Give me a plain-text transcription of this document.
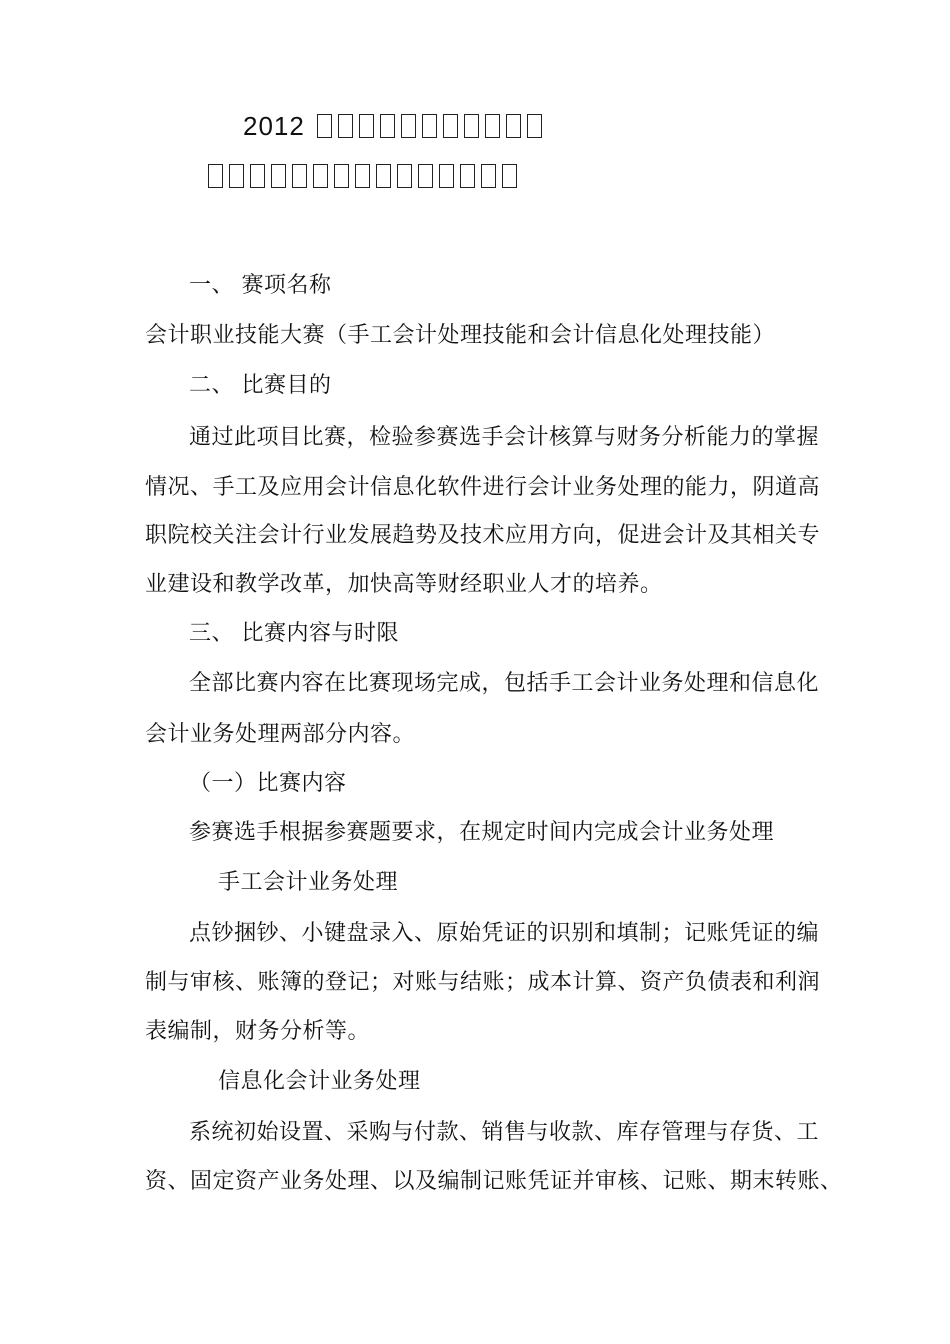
2012
一、 赛项名称
会计职业技能大赛（手工会计处理技能和会计信息化处理技能）
二、 比赛目的
通过此项目比赛，检验参赛选手会计核算与财务分析能力的掌握
情况、手工及应用会计信息化软件进行会计业务处理的能力，阴道高
职院校关注会计行业发展趋势及技术应用方向，促进会计及其相关专
业建设和教学改革，加快高等财经职业人才的培养。
三、 比赛内容与时限
全部比赛内容在比赛现场完成，包括手工会计业务处理和信息化
会计业务处理两部分内容。
（一）比赛内容
参赛选手根据参赛题要求，在规定时间内完成会计业务处理
手工会计业务处理
点钞捆钞、小键盘录入、原始凭证的识别和填制；记账凭证的编
制与审核、账簿的登记；对账与结账；成本计算、资产负债表和利润
表编制，财务分析等。
信息化会计业务处理
系统初始设置、采购与付款、销售与收款、库存管理与存货、工
资、固定资产业务处理、以及编制记账凭证并审核、记账、期末转账、
